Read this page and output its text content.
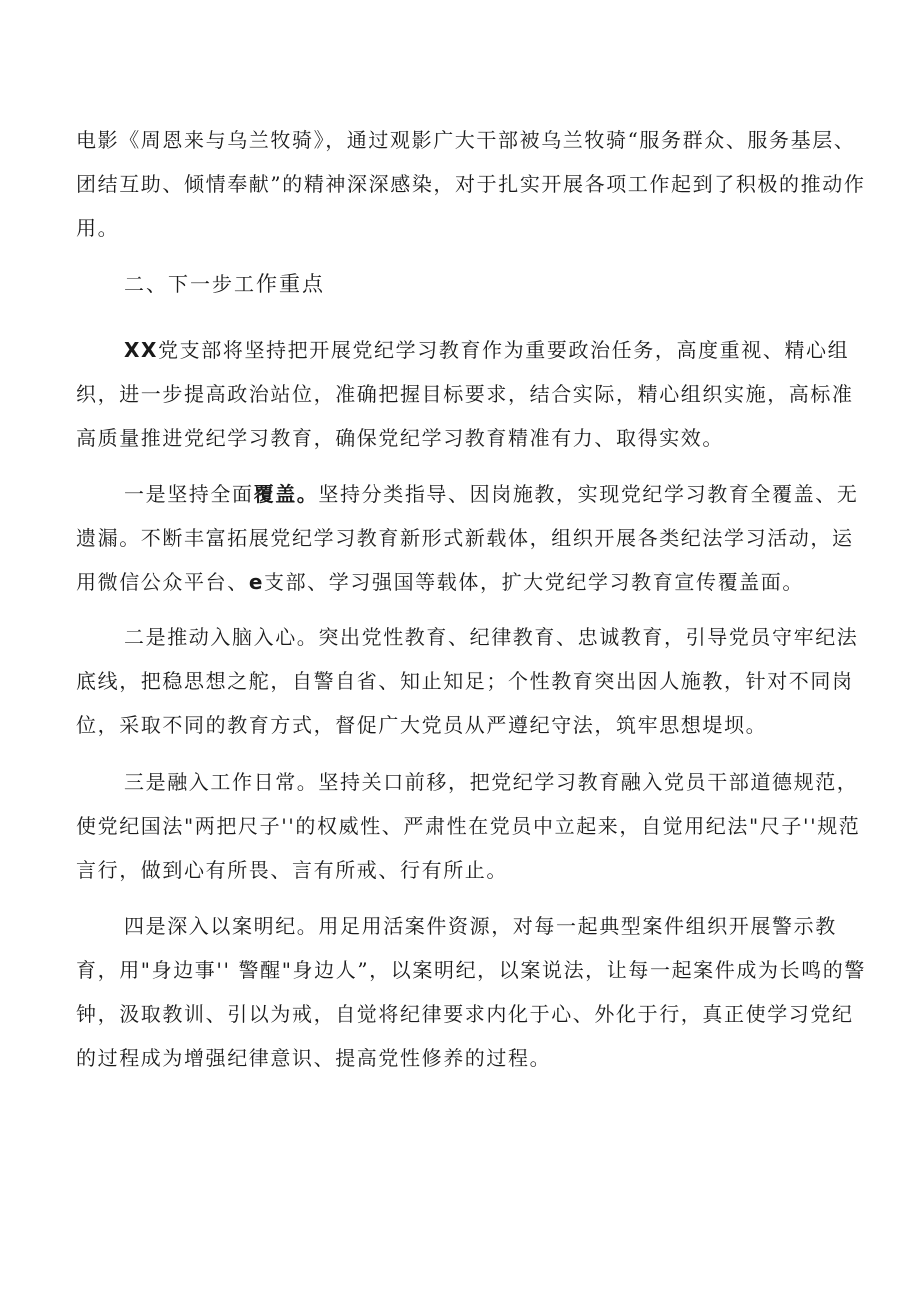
电影《周恩来与乌兰牧骑》，通过观影广大干部被乌兰牧骑“服务群众、服务基层、团结互助、倾情奉献”的精神深深感染，对于扎实开展各项工作起到了积极的推动作用。

二、下一步工作重点

XX党支部将坚持把开展党纪学习教育作为重要政治任务，高度重视、精心组织，进一步提高政治站位，准确把握目标要求，结合实际，精心组织实施，高标准高质量推进党纪学习教育，确保党纪学习教育精准有力、取得实效。

一是坚持全面覆盖。坚持分类指导、因岗施教，实现党纪学习教育全覆盖、无遗漏。不断丰富拓展党纪学习教育新形式新载体，组织开展各类纪法学习活动，运用微信公众平台、e支部、学习强国等载体，扩大党纪学习教育宣传覆盖面。

二是推动入脑入心。突出党性教育、纪律教育、忠诚教育，引导党员守牢纪法底线，把稳思想之舵，自警自省、知止知足；个性教育突出因人施教，针对不同岗位，采取不同的教育方式，督促广大党员从严遵纪守法，筑牢思想堤坝。

三是融入工作日常。坚持关口前移，把党纪学习教育融入党员干部道德规范，使党纪国法"两把尺子''的权威性、严肃性在党员中立起来，自觉用纪法"尺子''规范言行，做到心有所畏、言有所戒、行有所止。

四是深入以案明纪。用足用活案件资源，对每一起典型案件组织开展警示教育，用"身边事'' 警醒"身边人”，以案明纪，以案说法，让每一起案件成为长鸣的警钟，汲取教训、引以为戒，自觉将纪律要求内化于心、外化于行，真正使学习党纪的过程成为增强纪律意识、提高党性修养的过程。
